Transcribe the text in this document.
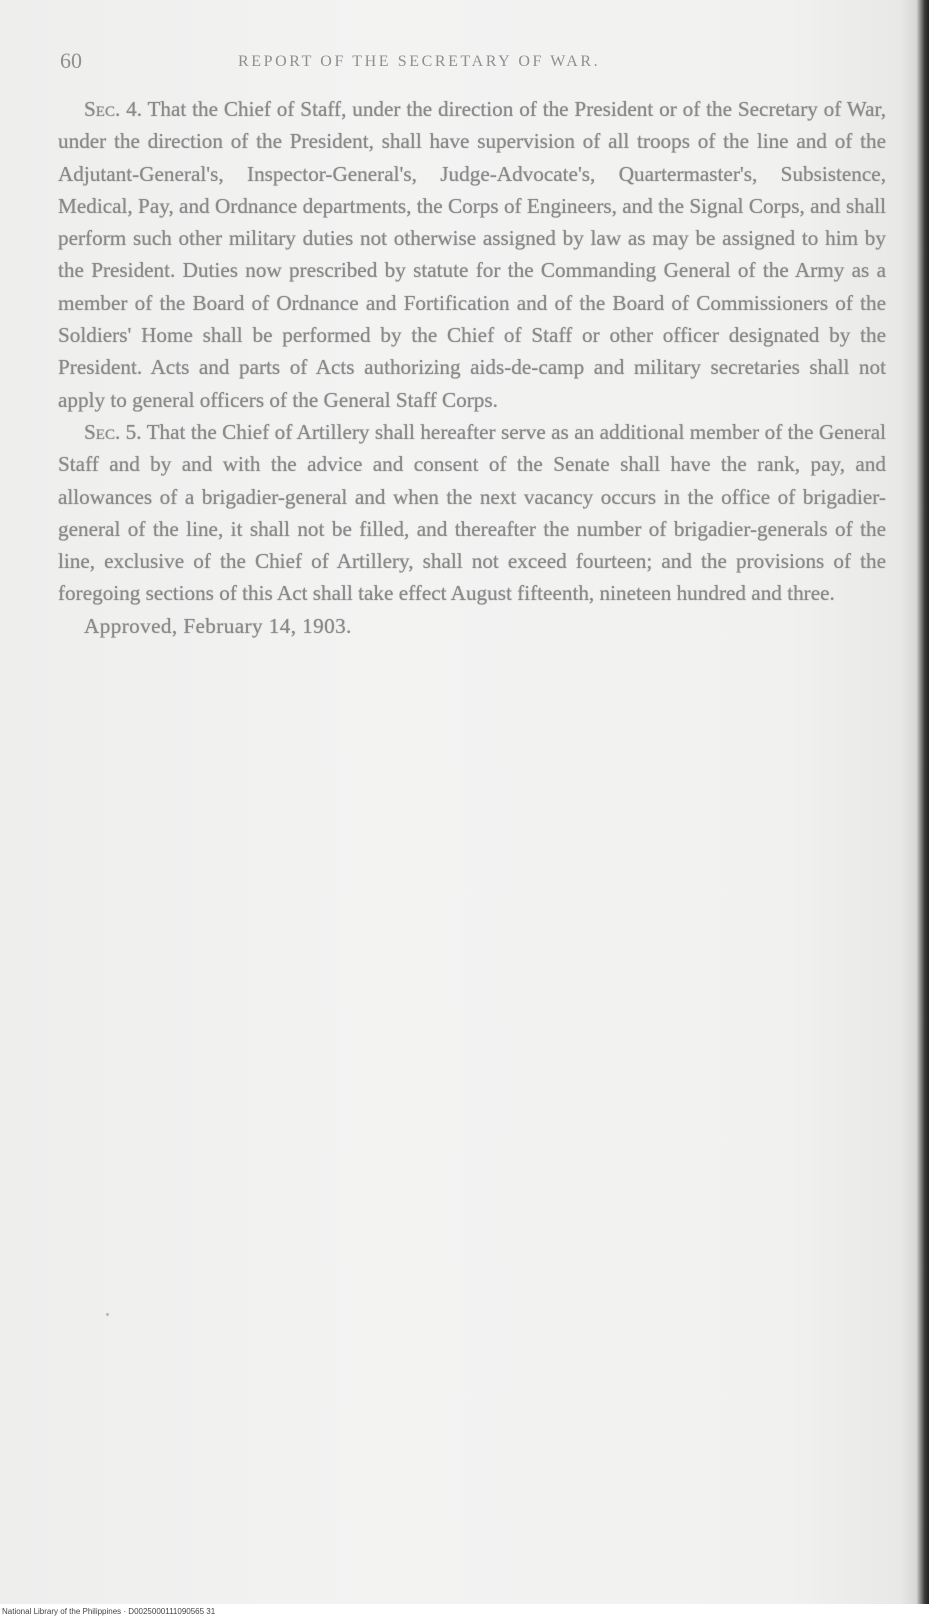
60	REPORT OF THE SECRETARY OF WAR.

Sec. 4. That the Chief of Staff, under the direction of the President or of the Secretary of War, under the direction of the President, shall have supervision of all troops of the line and of the Adjutant-General's, Inspector-General's, Judge-Advocate's, Quartermaster's, Subsistence, Medical, Pay, and Ordnance departments, the Corps of Engineers, and the Signal Corps, and shall perform such other military duties not otherwise assigned by law as may be assigned to him by the President. Duties now prescribed by statute for the Commanding General of the Army as a member of the Board of Ordnance and Fortification and of the Board of Commissioners of the Soldiers' Home shall be performed by the Chief of Staff or other officer designated by the President. Acts and parts of Acts authorizing aids-de-camp and military secretaries shall not apply to general officers of the General Staff Corps.

Sec. 5. That the Chief of Artillery shall hereafter serve as an additional member of the General Staff and by and with the advice and consent of the Senate shall have the rank, pay, and allowances of a brigadier-general and when the next vacancy occurs in the office of brigadier-general of the line, it shall not be filled, and thereafter the number of brigadier-generals of the line, exclusive of the Chief of Artillery, shall not exceed fourteen; and the provisions of the foregoing sections of this Act shall take effect August fifteenth, nineteen hundred and three.

Approved, February 14, 1903.

National Library of the Philippines · D0025000111090565 31
